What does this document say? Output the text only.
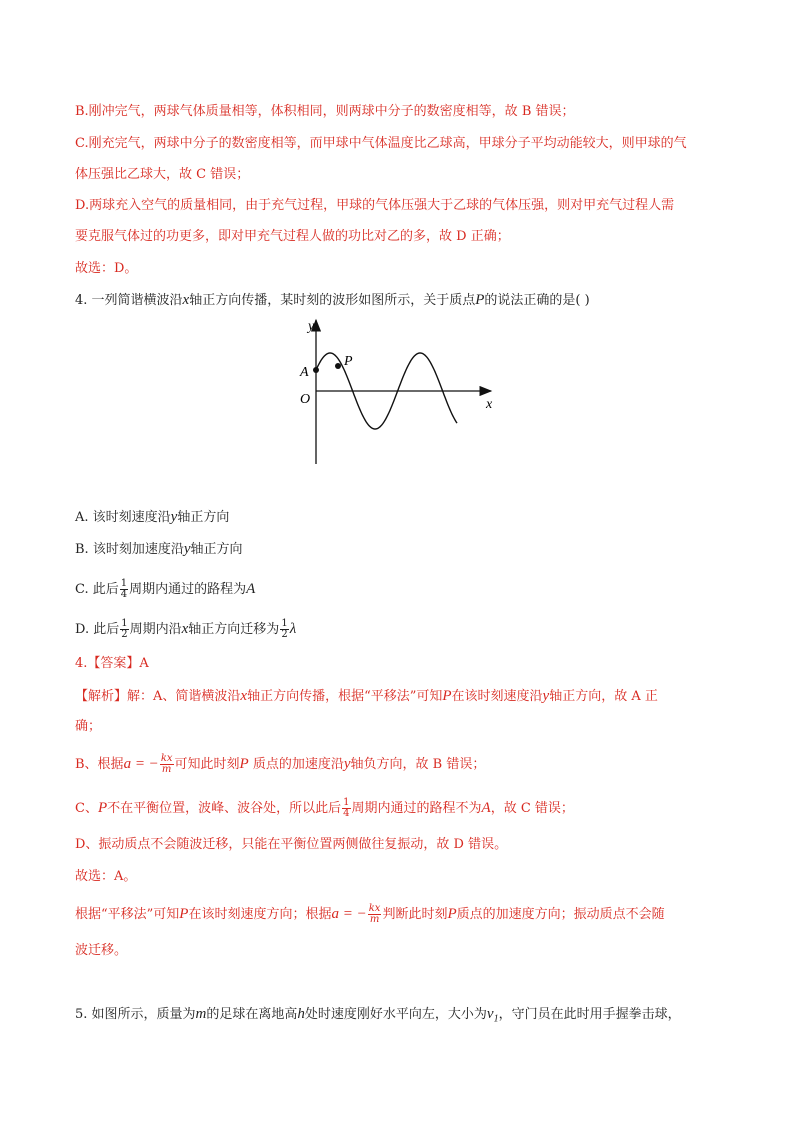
B.刚冲完气，两球气体质量相等，体积相同，则两球中分子的数密度相等，故 B 错误；
C.刚充完气，两球中分子的数密度相等，而甲球中气体温度比乙球高，甲球分子平均动能较大，则甲球的气
体压强比乙球大，故 C 错误；
D.两球充入空气的质量相同，由于充气过程，甲球的气体压强大于乙球的气体压强，则对甲充气过程人需
要克服气体过的功更多，即对甲充气过程人做的功比对乙的多，故 D 正确；
故选：D。
4. 一列简谐横波沿x轴正方向传播，某时刻的波形如图所示，关于质点P的说法正确的是( )
y
x
O
A
P
A. 该时刻速度沿y轴正方向
B. 该时刻加速度沿y轴正方向
C. 此后 $\frac{1}{4}$ 周期内通过的路程为A
D. 此后 $\frac{1}{2}$ 周期内沿x轴正方向迁移为 $\frac{1}{2}$ λ
4.【答案】A
【解析】解：A、简谐横波沿x轴正方向传播，根据“平移法”可知P在该时刻速度沿y轴正方向，故 A 正
确；
B、根据a = − $\frac{kx}{m}$ 可知此时刻P 质点的加速度沿y轴负方向，故 B 错误；
C、P不在平衡位置，波峰、波谷处，所以此后 $\frac{1}{4}$ 周期内通过的路程不为A，故 C 错误；
D、振动质点不会随波迁移，只能在平衡位置两侧做往复振动，故 D 错误。
故选：A。
根据“平移法”可知P在该时刻速度方向；根据a = − $\frac{kx}{m}$ 判断此时刻P质点的加速度方向；振动质点不会随
波迁移。
5. 如图所示，质量为m的足球在离地高h处时速度刚好水平向左，大小为$v_1$，守门员在此时用手握拳击球，
